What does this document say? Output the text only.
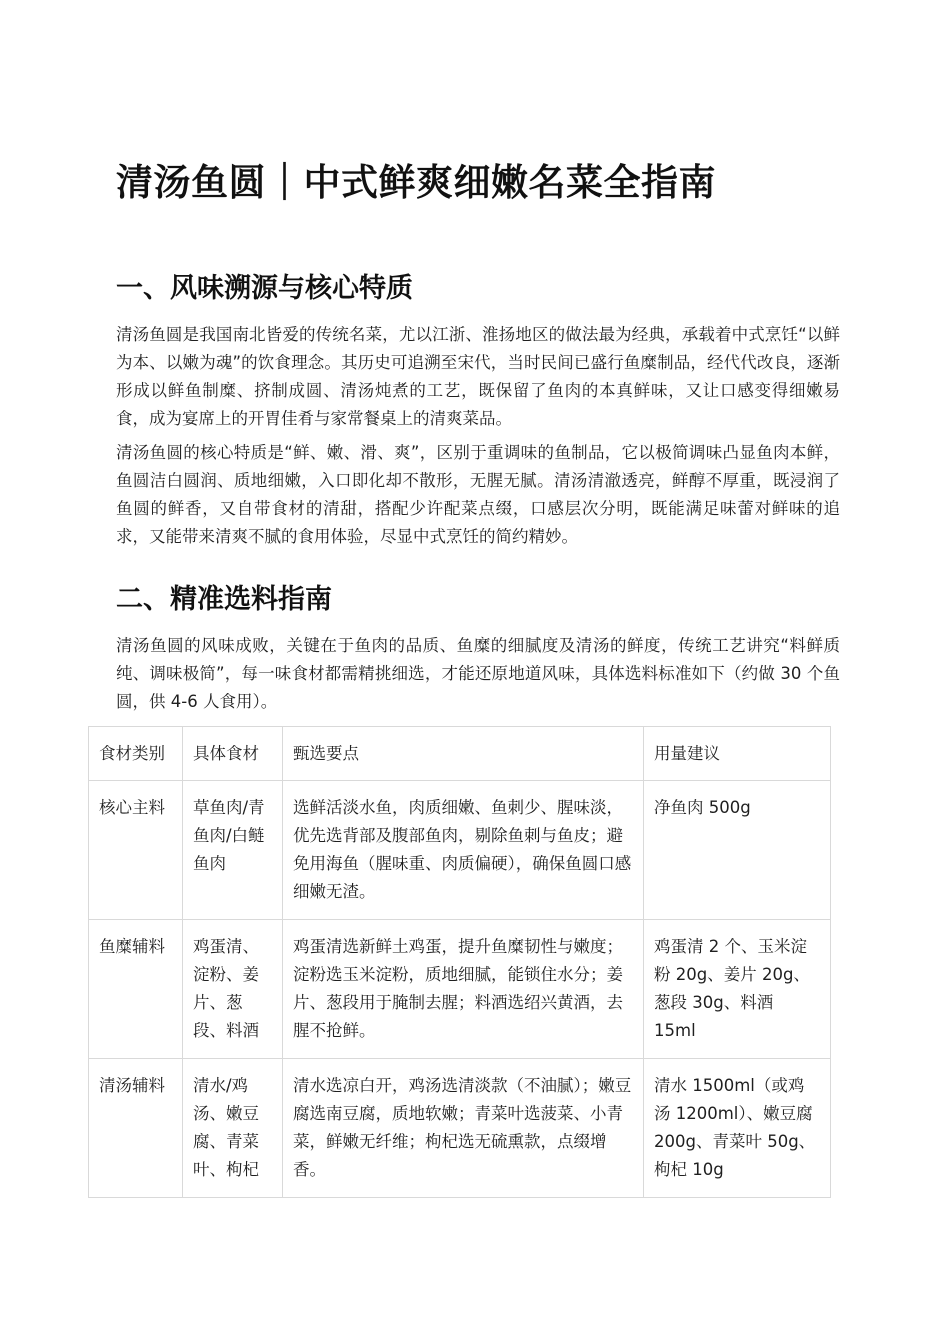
清汤鱼圆｜中式鲜爽细嫩名菜全指南
一、风味溯源与核心特质

清汤鱼圆是我国南北皆爱的传统名菜，尤以江浙、淮扬地区的做法最为经典，承载着中式烹饪“以鲜为本、以嫩为魂”的饮食理念。其历史可追溯至宋代，当时民间已盛行鱼糜制品，经代代改良，逐渐形成以鲜鱼制糜、挤制成圆、清汤炖煮的工艺，既保留了鱼肉的本真鲜味，又让口感变得细嫩易食，成为宴席上的开胃佳肴与家常餐桌上的清爽菜品。

清汤鱼圆的核心特质是“鲜、嫩、滑、爽”，区别于重调味的鱼制品，它以极简调味凸显鱼肉本鲜，鱼圆洁白圆润、质地细嫩，入口即化却不散形，无腥无腻。清汤清澈透亮，鲜醇不厚重，既浸润了鱼圆的鲜香，又自带食材的清甜，搭配少许配菜点缀，口感层次分明，既能满足味蕾对鲜味的追求，又能带来清爽不腻的食用体验，尽显中式烹饪的简约精妙。

二、精准选料指南

清汤鱼圆的风味成败，关键在于鱼肉的品质、鱼糜的细腻度及清汤的鲜度，传统工艺讲究“料鲜质纯、调味极简”，每一味食材都需精挑细选，才能还原地道风味，具体选料标准如下（约做 30 个鱼圆，供 4-6 人食用）。

食材类别	具体食材	甄选要点	用量建议
核心主料	草鱼肉/青鱼肉/白鲢鱼肉	选鲜活淡水鱼，肉质细嫩、鱼刺少、腥味淡，优先选背部及腹部鱼肉，剔除鱼刺与鱼皮；避免用海鱼（腥味重、肉质偏硬），确保鱼圆口感细嫩无渣。	净鱼肉 500g
鱼糜辅料	鸡蛋清、淀粉、姜片、葱段、料酒	鸡蛋清选新鲜土鸡蛋，提升鱼糜韧性与嫩度；淀粉选玉米淀粉，质地细腻，能锁住水分；姜片、葱段用于腌制去腥；料酒选绍兴黄酒，去腥不抢鲜。	鸡蛋清 2 个、玉米淀粉 20g、姜片 20g、葱段 30g、料酒 15ml
清汤辅料	清水/鸡汤、嫩豆腐、青菜叶、枸杞	清水选凉白开，鸡汤选清淡款（不油腻）；嫩豆腐选南豆腐，质地软嫩；青菜叶选菠菜、小青菜，鲜嫩无纤维；枸杞选无硫熏款，点缀增香。	清水 1500ml（或鸡汤 1200ml）、嫩豆腐 200g、青菜叶 50g、枸杞 10g
